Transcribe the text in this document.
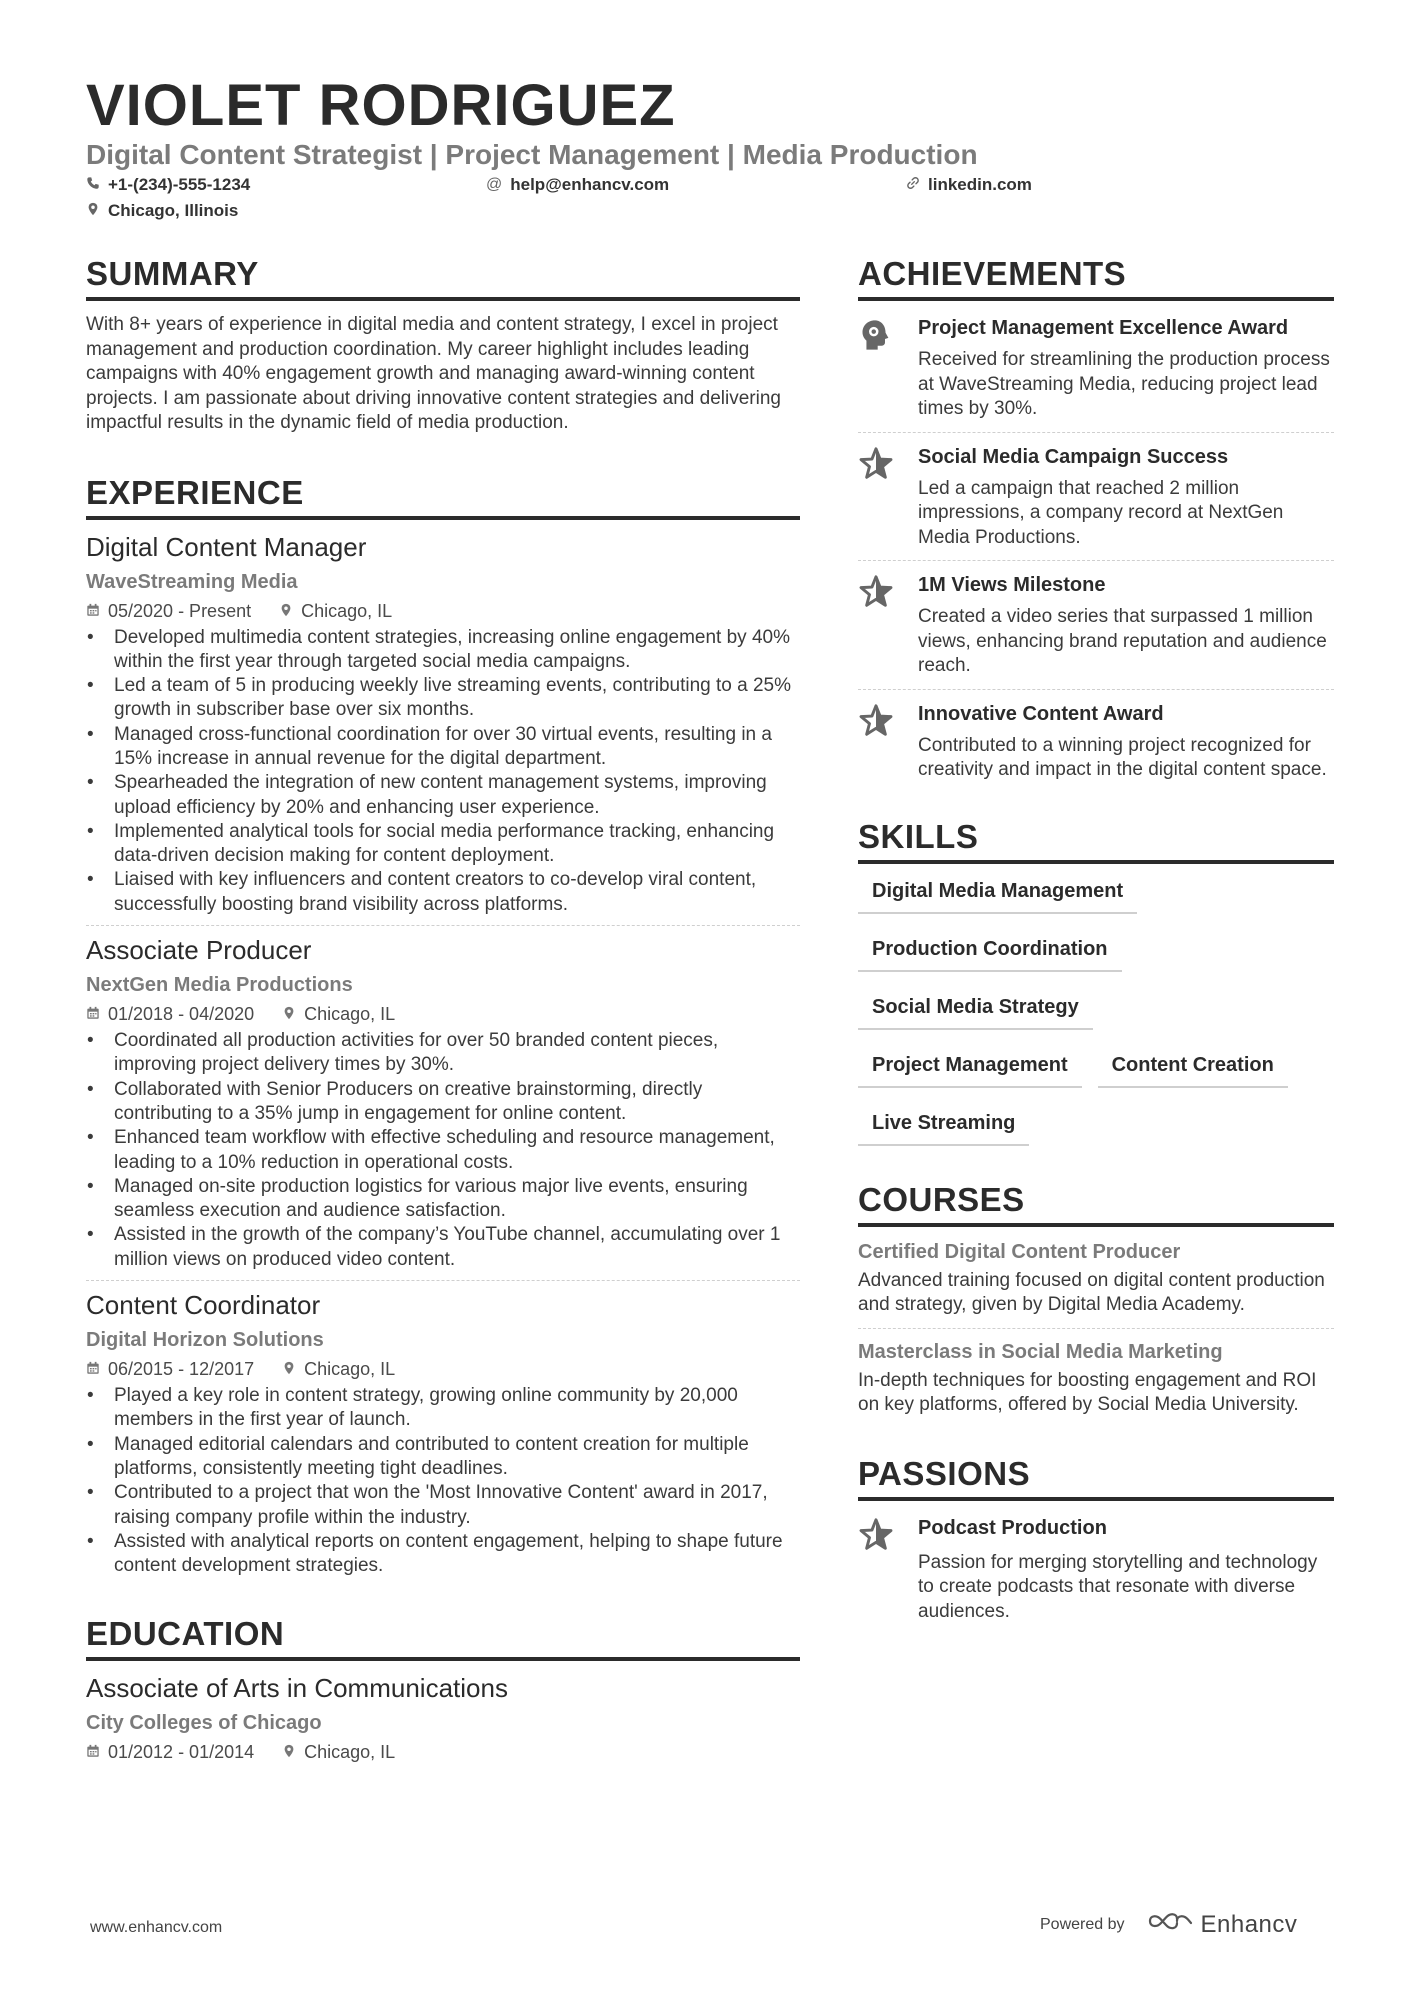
VIOLET RODRIGUEZ
Digital Content Strategist | Project Management | Media Production
+1-(234)-555-1234	@ help@enhancv.com	linkedin.com
Chicago, Illinois
SUMMARY
With 8+ years of experience in digital media and content strategy, I excel in project management and production coordination. My career highlight includes leading campaigns with 40% engagement growth and managing award-winning content projects. I am passionate about driving innovative content strategies and delivering impactful results in the dynamic field of media production.
EXPERIENCE
Digital Content Manager
WaveStreaming Media
05/2020 - Present	Chicago, IL
• Developed multimedia content strategies, increasing online engagement by 40% within the first year through targeted social media campaigns.
• Led a team of 5 in producing weekly live streaming events, contributing to a 25% growth in subscriber base over six months.
• Managed cross-functional coordination for over 30 virtual events, resulting in a 15% increase in annual revenue for the digital department.
• Spearheaded the integration of new content management systems, improving upload efficiency by 20% and enhancing user experience.
• Implemented analytical tools for social media performance tracking, enhancing data-driven decision making for content deployment.
• Liaised with key influencers and content creators to co-develop viral content, successfully boosting brand visibility across platforms.
Associate Producer
NextGen Media Productions
01/2018 - 04/2020	Chicago, IL
• Coordinated all production activities for over 50 branded content pieces, improving project delivery times by 30%.
• Collaborated with Senior Producers on creative brainstorming, directly contributing to a 35% jump in engagement for online content.
• Enhanced team workflow with effective scheduling and resource management, leading to a 10% reduction in operational costs.
• Managed on-site production logistics for various major live events, ensuring seamless execution and audience satisfaction.
• Assisted in the growth of the company’s YouTube channel, accumulating over 1 million views on produced video content.
Content Coordinator
Digital Horizon Solutions
06/2015 - 12/2017	Chicago, IL
• Played a key role in content strategy, growing online community by 20,000 members in the first year of launch.
• Managed editorial calendars and contributed to content creation for multiple platforms, consistently meeting tight deadlines.
• Contributed to a project that won the 'Most Innovative Content' award in 2017, raising company profile within the industry.
• Assisted with analytical reports on content engagement, helping to shape future content development strategies.
EDUCATION
Associate of Arts in Communications
City Colleges of Chicago
01/2012 - 01/2014	Chicago, IL
ACHIEVEMENTS
Project Management Excellence Award
Received for streamlining the production process at WaveStreaming Media, reducing project lead times by 30%.
Social Media Campaign Success
Led a campaign that reached 2 million impressions, a company record at NextGen Media Productions.
1M Views Milestone
Created a video series that surpassed 1 million views, enhancing brand reputation and audience reach.
Innovative Content Award
Contributed to a winning project recognized for creativity and impact in the digital content space.
SKILLS
Digital Media Management
Production Coordination
Social Media Strategy
Project Management	Content Creation
Live Streaming
COURSES
Certified Digital Content Producer
Advanced training focused on digital content production and strategy, given by Digital Media Academy.
Masterclass in Social Media Marketing
In-depth techniques for boosting engagement and ROI on key platforms, offered by Social Media University.
PASSIONS
Podcast Production
Passion for merging storytelling and technology to create podcasts that resonate with diverse audiences.
www.enhancv.com	Powered by	Enhancv
